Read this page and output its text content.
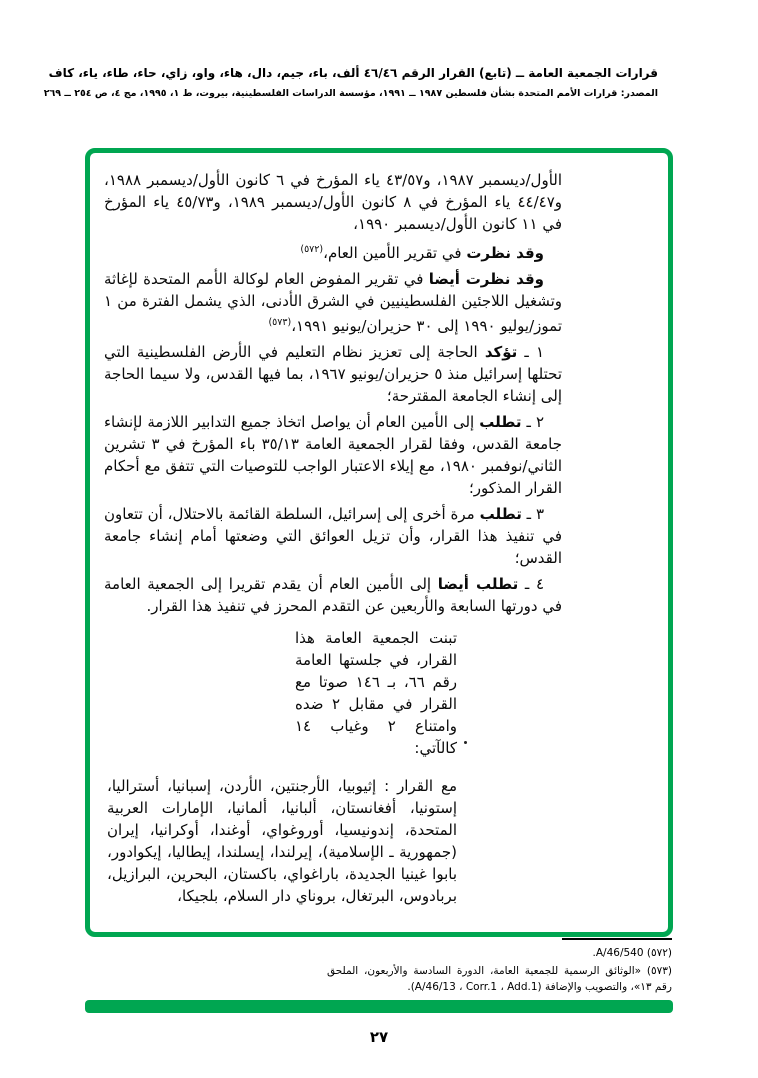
قرارات الجمعية العامة ــ (تابع) القرار الرقم ٤٦/٤٦ ألف، باء، جيم، دال، هاء، واو، زاي، حاء، طاء، ياء، كاف
المصدر: قرارات الأمم المتحدة بشأن فلسطين ١٩٨٧ ــ ١٩٩١، مؤسسة الدراسات الفلسطينية، بيروت، ط ١، ١٩٩٥، مج ٤، ص ٢٥٤ ــ ٢٦٩

الأول/ديسمبر ١٩٨٧، و٤٣/٥٧ ياء المؤرخ في ٦ كانون الأول/ديسمبر ١٩٨٨، و٤٤/٤٧ ياء المؤرخ في ٨ كانون الأول/ديسمبر ١٩٨٩، و٤٥/٧٣ ياء المؤرخ في ١١ كانون الأول/ديسمبر ١٩٩٠،

وقد نظرت في تقرير الأمين العام،$^{(٥٧٢)}$

وقد نظرت أيضا في تقرير المفوض العام لوكالة الأمم المتحدة لإغاثة وتشغيل اللاجئين الفلسطينيين في الشرق الأدنى، الذي يشمل الفترة من ١ تموز/يوليو ١٩٩٠ إلى ٣٠ حزيران/يونيو ١٩٩١،$^{(٥٧٣)}$

١ ـ تؤكد الحاجة إلى تعزيز نظام التعليم في الأرض الفلسطينية التي تحتلها إسرائيل منذ ٥ حزيران/يونيو ١٩٦٧، بما فيها القدس، ولا سيما الحاجة إلى إنشاء الجامعة المقترحة؛

٢ ـ تطلب إلى الأمين العام أن يواصل اتخاذ جميع التدابير اللازمة لإنشاء جامعة القدس، وفقا لقرار الجمعية العامة ٣٥/١٣ باء المؤرخ في ٣ تشرين الثاني/نوفمبر ١٩٨٠، مع إيلاء الاعتبار الواجب للتوصيات التي تتفق مع أحكام القرار المذكور؛

٣ ـ تطلب مرة أخرى إلى إسرائيل، السلطة القائمة بالاحتلال، أن تتعاون في تنفيذ هذا القرار، وأن تزيل العوائق التي وضعتها أمام إنشاء جامعة القدس؛

٤ ـ تطلب أيضا إلى الأمين العام أن يقدم تقريرا إلى الجمعية العامة في دورتها السابعة والأربعين عن التقدم المحرز في تنفيذ هذا القرار.

تبنت الجمعية العامة هذا القرار، في جلستها العامة رقم ٦٦، بـ ١٤٦ صوتا مع القرار في مقابل ٢ ضده وامتناع ٢ وغياب ١٤ كالآتي:

مع القرار : إثيوبيا، الأرجنتين، الأردن، إسبانيا، أستراليا، إستونيا، أفغانستان، ألبانيا، ألمانيا، الإمارات العربية المتحدة، إندونيسيا، أوروغواي، أوغندا، أوكرانيا، إيران (جمهورية ـ الإسلامية)، إيرلندا، إيسلندا، إيطاليا، إيكوادور، بابوا غينيا الجديدة، باراغواي، باكستان، البحرين، البرازيل، بربادوس، البرتغال، بروناي دار السلام، بلجيكا،

(٥٧٢) A/46/540.
(٥٧٣) «الوثائق الرسمية للجمعية العامة، الدورة السادسة والأربعون، الملحق رقم ١٣»، والتصويب والإضافة (A/46/13 ، Corr.1 ، Add.1).
٢٧
